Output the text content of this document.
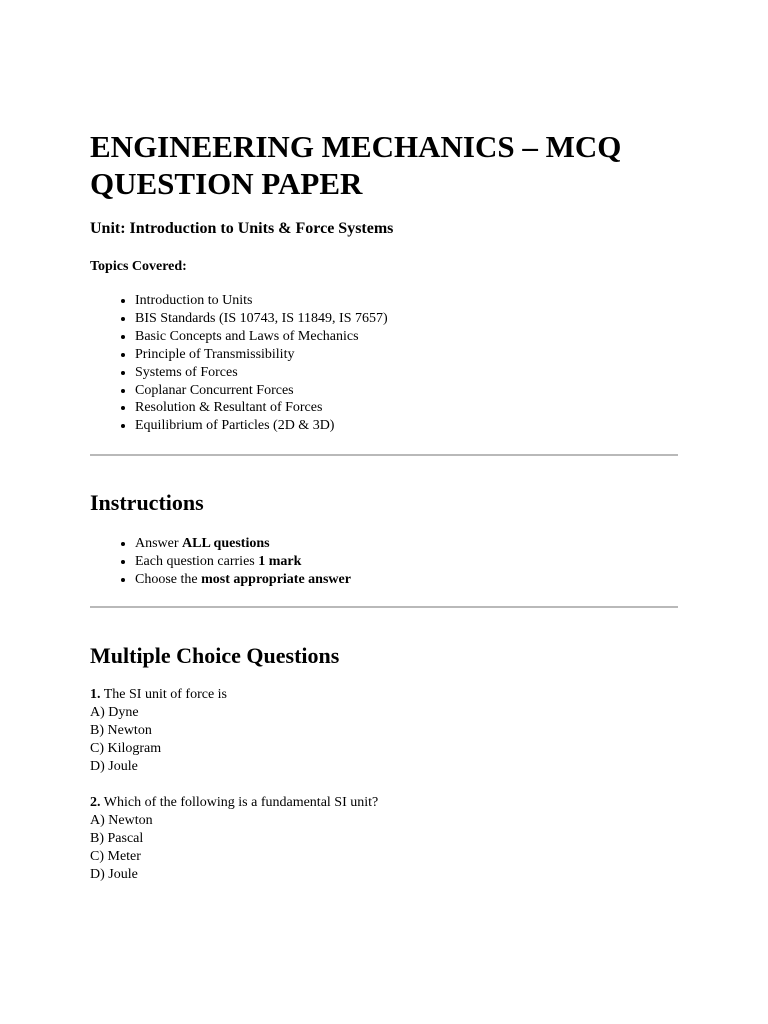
ENGINEERING MECHANICS – MCQ QUESTION PAPER

Unit: Introduction to Units & Force Systems

Topics Covered:

• Introduction to Units
• BIS Standards (IS 10743, IS 11849, IS 7657)
• Basic Concepts and Laws of Mechanics
• Principle of Transmissibility
• Systems of Forces
• Coplanar Concurrent Forces
• Resolution & Resultant of Forces
• Equilibrium of Particles (2D & 3D)
Instructions
• Answer ALL questions
• Each question carries 1 mark
• Choose the most appropriate answer
Multiple Choice Questions
1. The SI unit of force is
A) Dyne
B) Newton
C) Kilogram
D) Joule
2. Which of the following is a fundamental SI unit?
A) Newton
B) Pascal
C) Meter
D) Joule
